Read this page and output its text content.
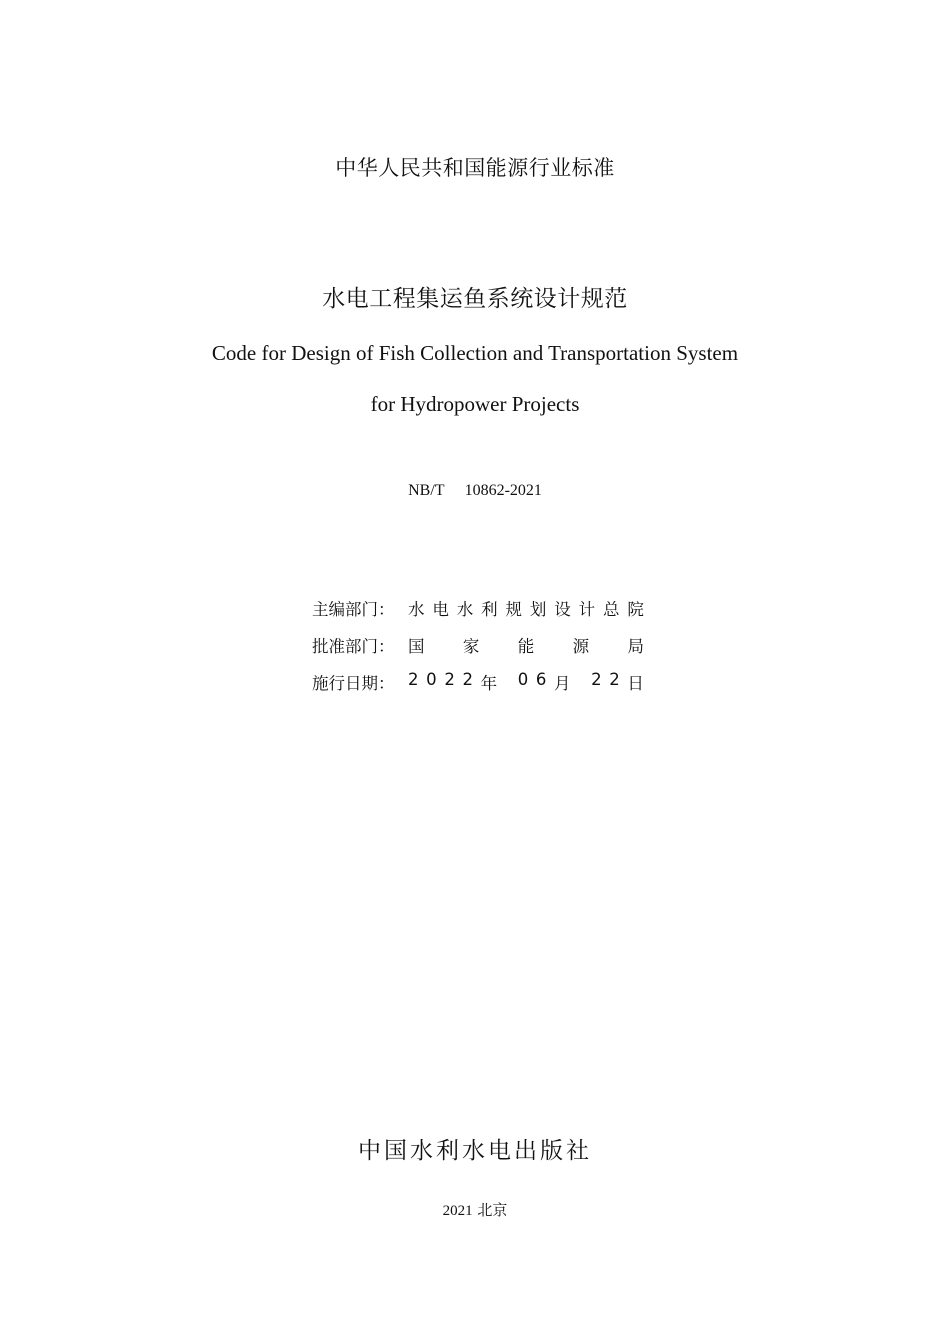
中华人民共和国能源行业标准
水电工程集运鱼系统设计规范
Code for Design of Fish Collection and Transportation System
for Hydropower Projects
NB/T 10862-2021
主编部门： 水 电 水 利 规 划 设 计 总 院
批准部门： 国 家 能 源 局
施行日期： 2 0 2 2 年
0 6 月
2 2 日
中国水利水电出版社
2021 北京
